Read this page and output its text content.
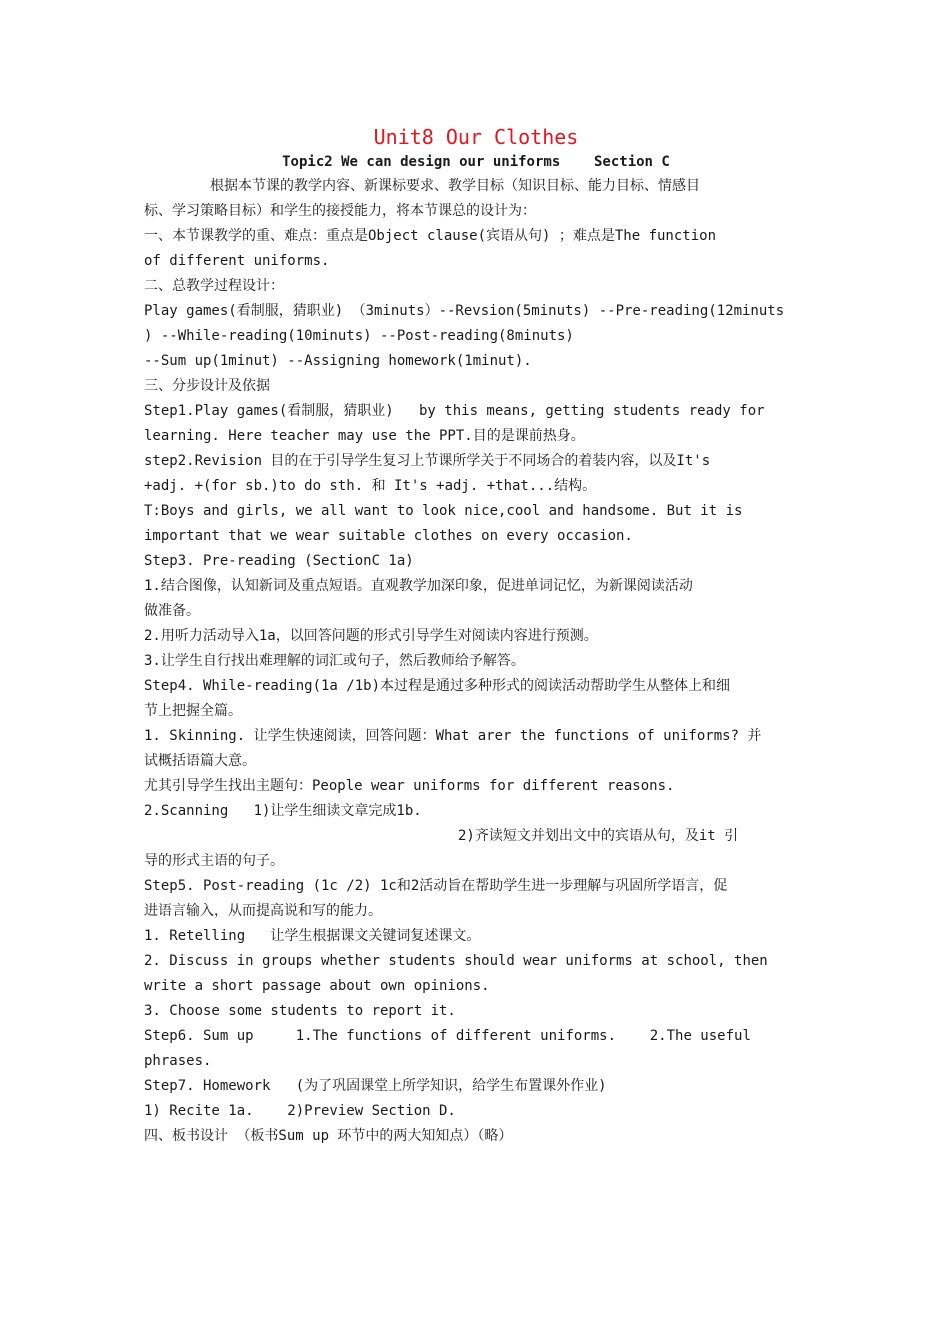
Unit8 Our Clothes

Topic2 We can design our uniforms    Section C

根据本节课的教学内容、新课标要求、教学目标（知识目标、能力目标、情感目

标、学习策略目标）和学生的接授能力，将本节课总的设计为：

一、本节课教学的重、难点：重点是Object clause(宾语从句) ；难点是The function

of different uniforms.

二、总教学过程设计：

Play games(看制服，猜职业) （3minuts）--Revsion(5minuts) --Pre-reading(12minuts

) --While-reading(10minuts) --Post-reading(8minuts)

--Sum up(1minut) --Assigning homework(1minut).

三、分步设计及依据

Step1.Play games(看制服，猜职业)   by this means, getting students ready for

learning. Here teacher may use the PPT.目的是课前热身。

step2.Revision 目的在于引导学生复习上节课所学关于不同场合的着装内容，以及It's

+adj. +(for sb.)to do sth. 和 It's +adj. +that...结构。

T:Boys and girls, we all want to look nice,cool and handsome. But it is

important that we wear suitable clothes on every occasion.

Step3. Pre-reading (SectionC 1a)

1.结合图像，认知新词及重点短语。直观教学加深印象，促进单词记忆，为新课阅读活动

做准备。

2.用听力活动导入1a，以回答问题的形式引导学生对阅读内容进行预测。

3.让学生自行找出难理解的词汇或句子，然后教师给予解答。

Step4. While-reading(1a /1b)本过程是通过多种形式的阅读活动帮助学生从整体上和细

节上把握全篇。

1. Skinning. 让学生快速阅读，回答问题：What arer the functions of uniforms? 并

试概括语篇大意。

尤其引导学生找出主题句：People wear uniforms for different reasons.

2.Scanning   1)让学生细读文章完成1b.

2)齐读短文并划出文中的宾语从句，及it 引

导的形式主语的句子。

Step5. Post-reading (1c /2) 1c和2活动旨在帮助学生进一步理解与巩固所学语言，促

进语言输入，从而提高说和写的能力。

1. Retelling   让学生根据课文关键词复述课文。

2. Discuss in groups whether students should wear uniforms at school, then

write a short passage about own opinions.

3. Choose some students to report it.

Step6. Sum up     1.The functions of different uniforms.    2.The useful

phrases.

Step7. Homework   (为了巩固课堂上所学知识，给学生布置课外作业)

1) Recite 1a.    2)Preview Section D.

四、板书设计 （板书Sum up 环节中的两大知知点）（略）
